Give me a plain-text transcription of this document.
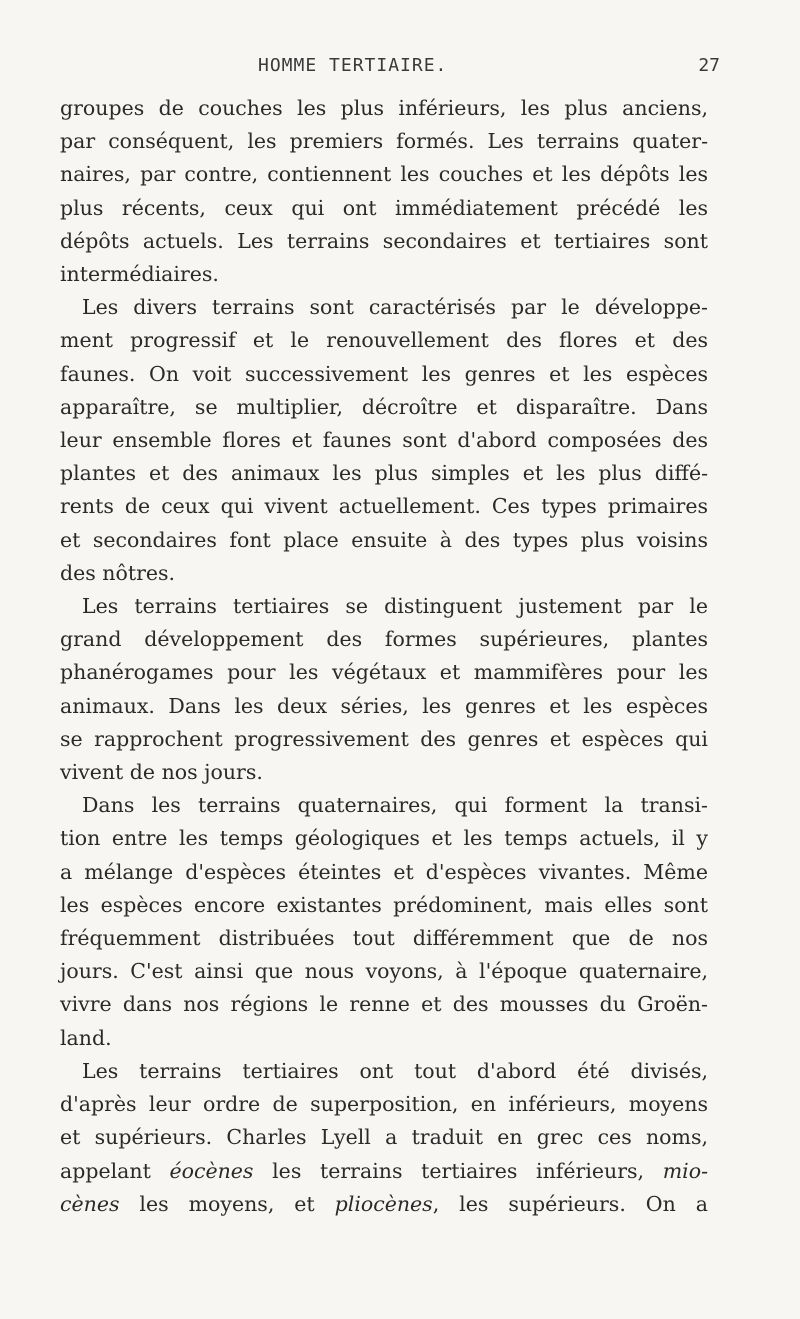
HOMME TERTIAIRE.	27

groupes de couches les plus inférieurs, les plus anciens,
par conséquent, les premiers formés. Les terrains quater-
naires, par contre, contiennent les couches et les dépôts les
plus récents, ceux qui ont immédiatement précédé les
dépôts actuels. Les terrains secondaires et tertiaires sont
intermédiaires.

Les divers terrains sont caractérisés par le développe-
ment progressif et le renouvellement des flores et des
faunes. On voit successivement les genres et les espèces
apparaître, se multiplier, décroître et disparaître. Dans
leur ensemble flores et faunes sont d'abord composées des
plantes et des animaux les plus simples et les plus diffé-
rents de ceux qui vivent actuellement. Ces types primaires
et secondaires font place ensuite à des types plus voisins
des nôtres.

Les terrains tertiaires se distinguent justement par le
grand développement des formes supérieures, plantes
phanérogames pour les végétaux et mammifères pour les
animaux. Dans les deux séries, les genres et les espèces
se rapprochent progressivement des genres et espèces qui
vivent de nos jours.

Dans les terrains quaternaires, qui forment la transi-
tion entre les temps géologiques et les temps actuels, il y
a mélange d'espèces éteintes et d'espèces vivantes. Même
les espèces encore existantes prédominent, mais elles sont
fréquemment distribuées tout différemment que de nos
jours. C'est ainsi que nous voyons, à l'époque quaternaire,
vivre dans nos régions le renne et des mousses du Groën-
land.

Les terrains tertiaires ont tout d'abord été divisés,
d'après leur ordre de superposition, en inférieurs, moyens
et supérieurs. Charles Lyell a traduit en grec ces noms,
appelant éocènes les terrains tertiaires inférieurs, mio-
cènes les moyens, et pliocènes, les supérieurs. On a
